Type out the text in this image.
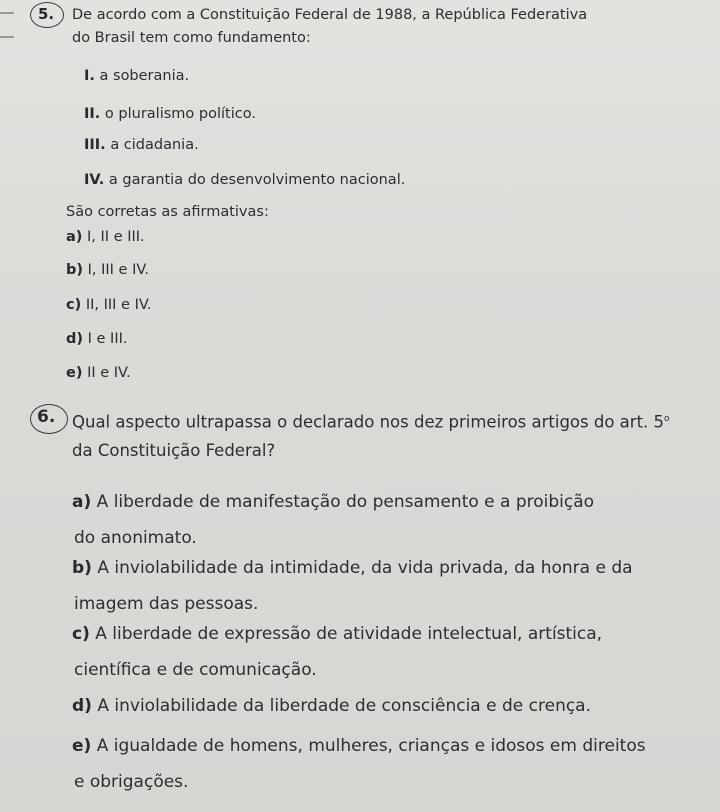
5. De acordo com a Constituição Federal de 1988, a República Federativa
do Brasil tem como fundamento:
I. a soberania.
II. o pluralismo político.
III. a cidadania.
IV. a garantia do desenvolvimento nacional.
São corretas as afirmativas:
a) I, II e III.
b) I, III e IV.
c) II, III e IV.
d) I e III.
e) II e IV.
6. Qual aspecto ultrapassa o declarado nos dez primeiros artigos do art. 5$^o$
da Constituição Federal?
a) A liberdade de manifestação do pensamento e a proibição
do anonimato.
b) A inviolabilidade da intimidade, da vida privada, da honra e da
imagem das pessoas.
c) A liberdade de expressão de atividade intelectual, artística,
científica e de comunicação.
d) A inviolabilidade da liberdade de consciência e de crença.
e) A igualdade de homens, mulheres, crianças e idosos em direitos
e obrigações.
